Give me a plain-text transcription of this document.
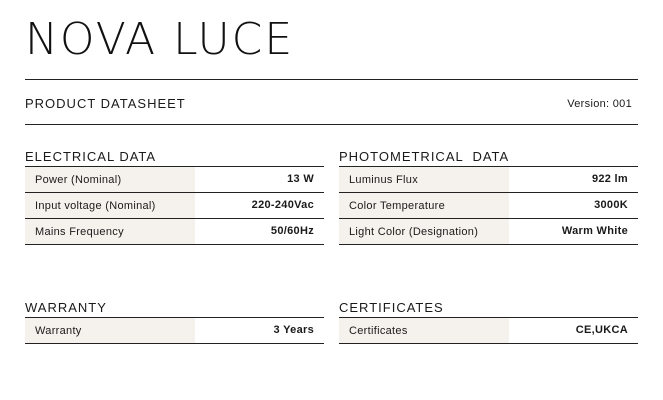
NOVA LUCE
PRODUCT DATASHEET	Version: 001
ELECTRICAL DATA
Power (Nominal)	13 W
Input voltage (Nominal)	220-240Vac
Mains Frequency	50/60Hz
PHOTOMETRICAL  DATA
Luminus Flux	922 lm
Color Temperature	3000K
Light Color (Designation)	Warm White
WARRANTY
Warranty	3 Years
CERTIFICATES
Certificates	CE,UKCA
